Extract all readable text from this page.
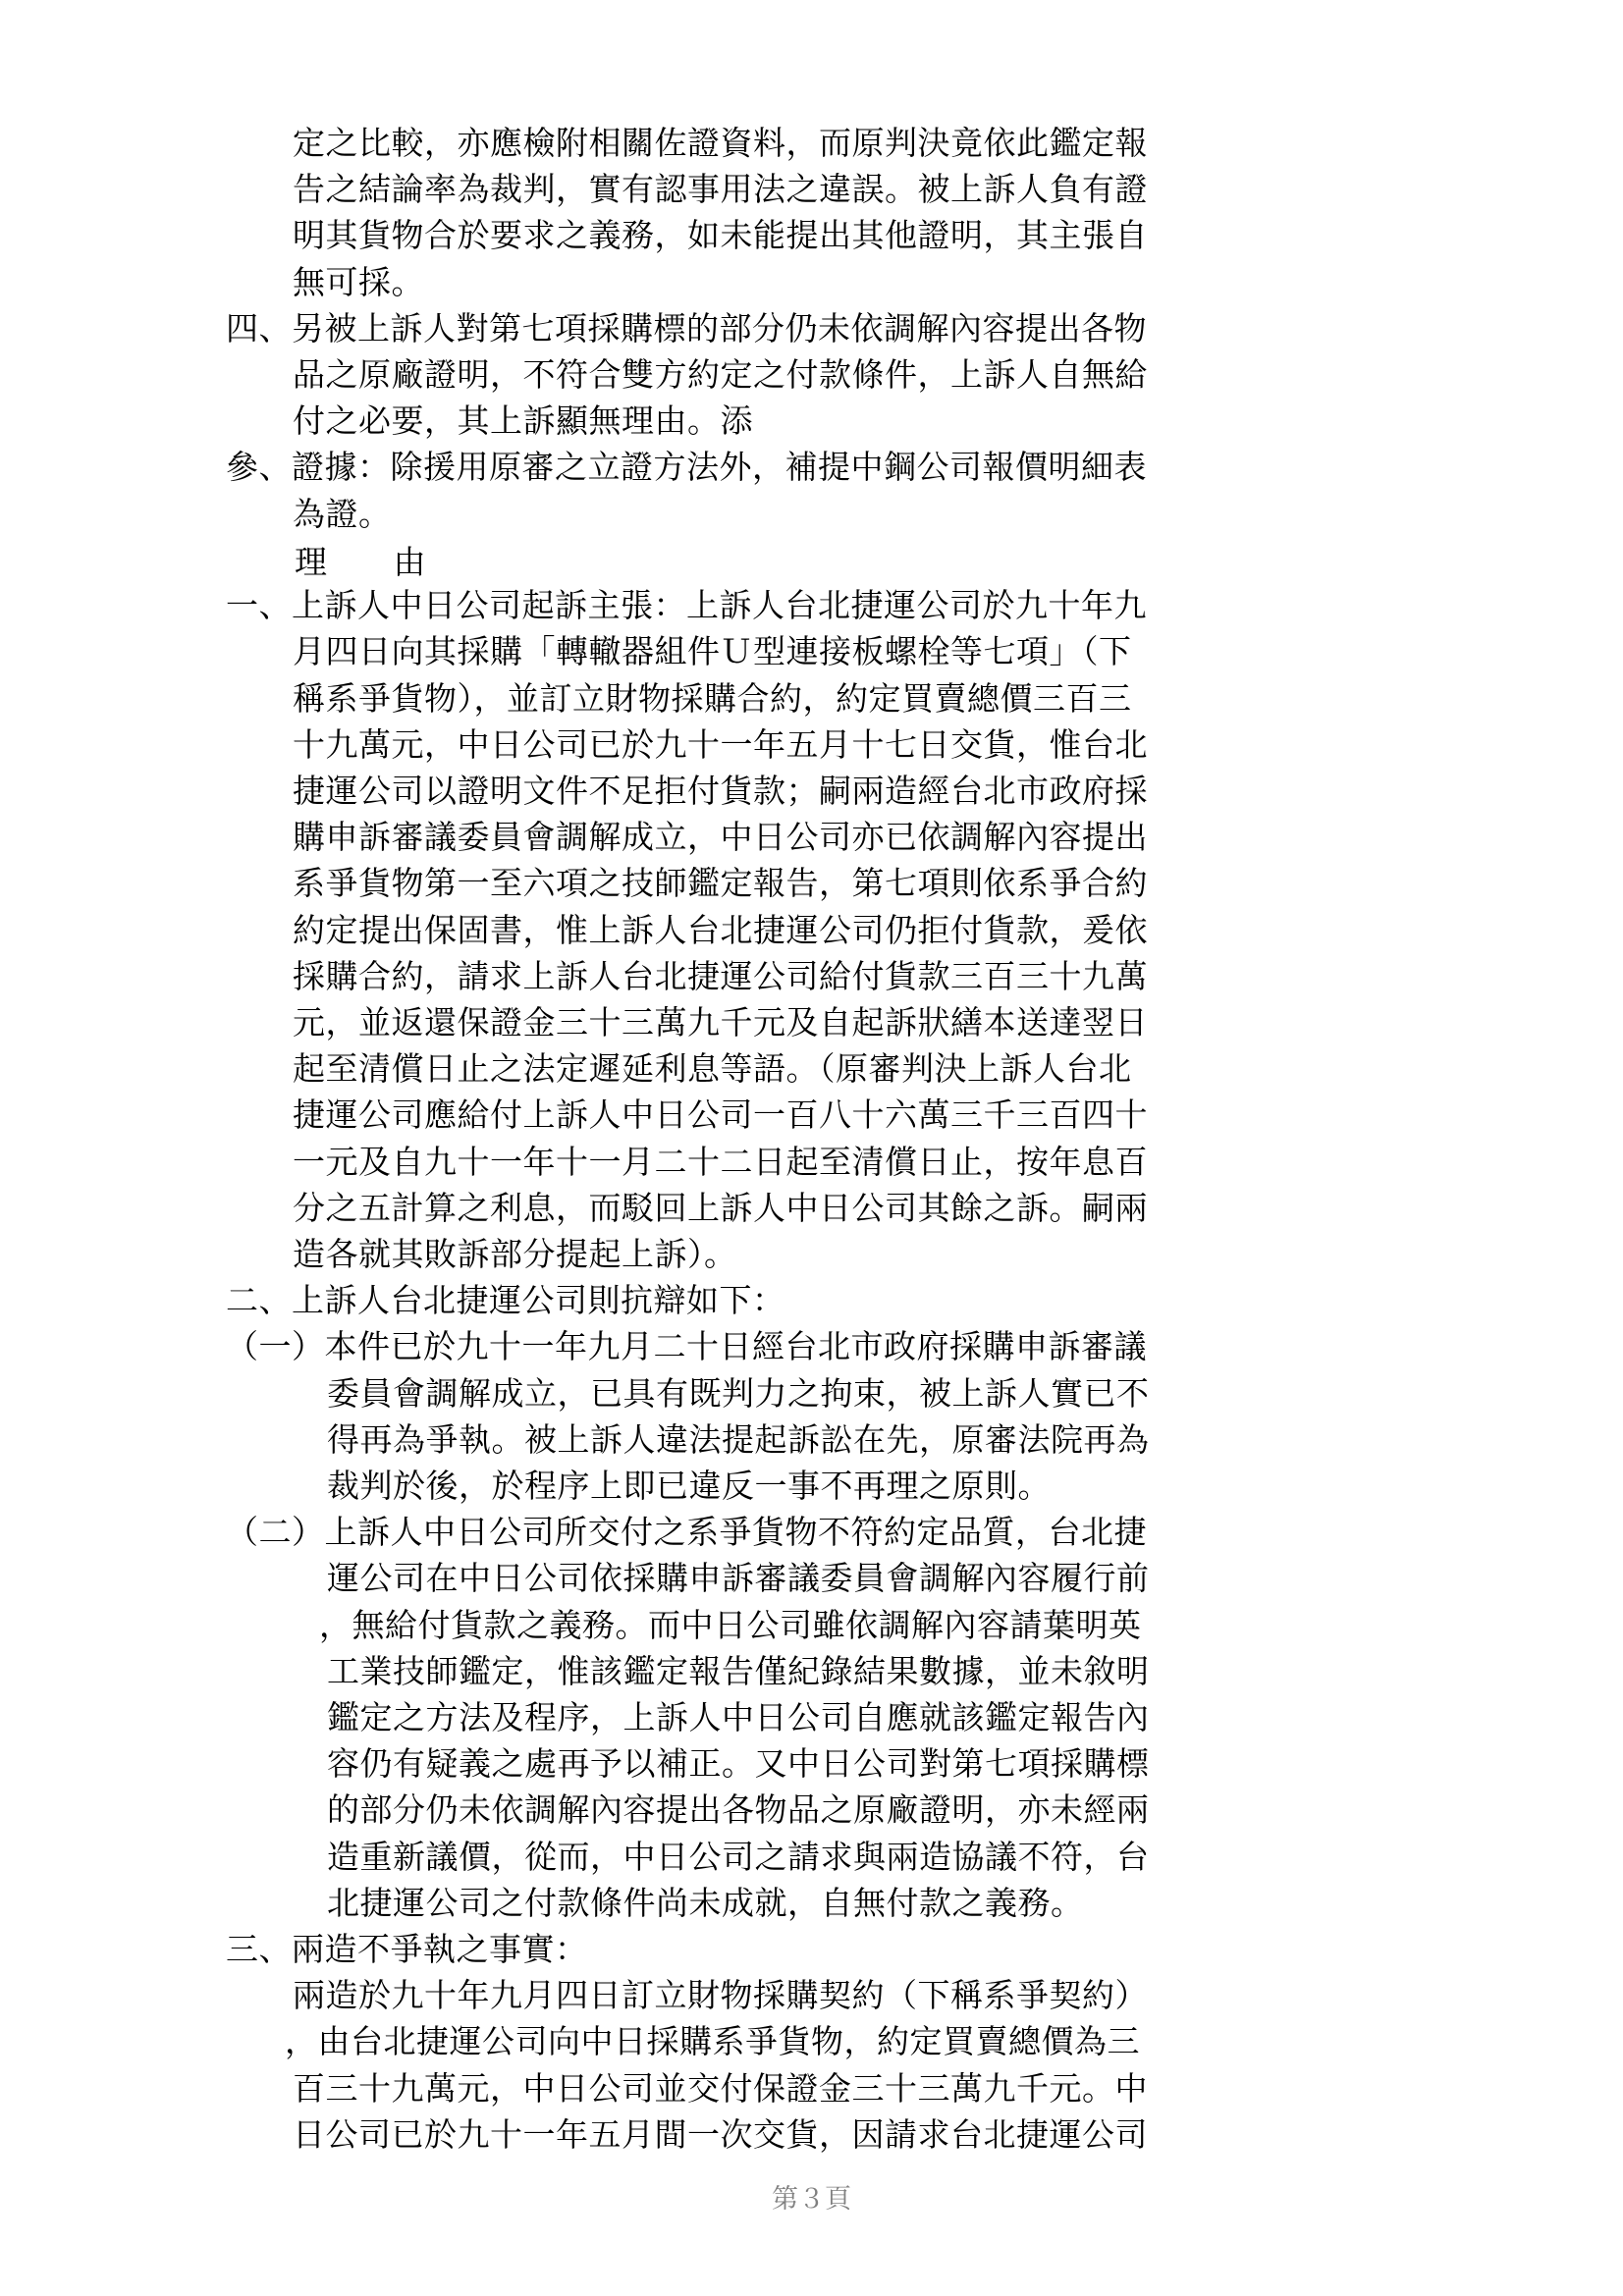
定之比較，亦應檢附相關佐證資料，而原判決竟依此鑑定報
告之結論率為裁判，實有認事用法之違誤。被上訴人負有證
明其貨物合於要求之義務，如未能提出其他證明，其主張自
無可採。
四、另被上訴人對第七項採購標的部分仍未依調解內容提出各物
品之原廠證明，不符合雙方約定之付款條件，上訴人自無給
付之必要，其上訴顯無理由。添
參、證據：除援用原審之立證方法外，補提中鋼公司報價明細表
為證。
理　　由
一、上訴人中日公司起訴主張：上訴人台北捷運公司於九十年九
月四日向其採購「轉轍器組件Ｕ型連接板螺栓等七項」（下
稱系爭貨物），並訂立財物採購合約，約定買賣總價三百三
十九萬元，中日公司已於九十一年五月十七日交貨，惟台北
捷運公司以證明文件不足拒付貨款；嗣兩造經台北市政府採
購申訴審議委員會調解成立，中日公司亦已依調解內容提出
系爭貨物第一至六項之技師鑑定報告，第七項則依系爭合約
約定提出保固書，惟上訴人台北捷運公司仍拒付貨款，爰依
採購合約，請求上訴人台北捷運公司給付貨款三百三十九萬
元，並返還保證金三十三萬九千元及自起訴狀繕本送達翌日
起至清償日止之法定遲延利息等語。（原審判決上訴人台北
捷運公司應給付上訴人中日公司一百八十六萬三千三百四十
一元及自九十一年十一月二十二日起至清償日止，按年息百
分之五計算之利息，而駁回上訴人中日公司其餘之訴。嗣兩
造各就其敗訴部分提起上訴）。
二、上訴人台北捷運公司則抗辯如下：
（一）本件已於九十一年九月二十日經台北市政府採購申訴審議
委員會調解成立，已具有既判力之拘束，被上訴人實已不
得再為爭執。被上訴人違法提起訴訟在先，原審法院再為
裁判於後，於程序上即已違反一事不再理之原則。
（二）上訴人中日公司所交付之系爭貨物不符約定品質，台北捷
運公司在中日公司依採購申訴審議委員會調解內容履行前
，無給付貨款之義務。而中日公司雖依調解內容請葉明英
工業技師鑑定，惟該鑑定報告僅紀錄結果數據，並未敘明
鑑定之方法及程序，上訴人中日公司自應就該鑑定報告內
容仍有疑義之處再予以補正。又中日公司對第七項採購標
的部分仍未依調解內容提出各物品之原廠證明，亦未經兩
造重新議價，從而，中日公司之請求與兩造協議不符，台
北捷運公司之付款條件尚未成就，自無付款之義務。
三、兩造不爭執之事實：
兩造於九十年九月四日訂立財物採購契約（下稱系爭契約）
，由台北捷運公司向中日採購系爭貨物，約定買賣總價為三
百三十九萬元，中日公司並交付保證金三十三萬九千元。中
日公司已於九十一年五月間一次交貨，因請求台北捷運公司
第３頁
